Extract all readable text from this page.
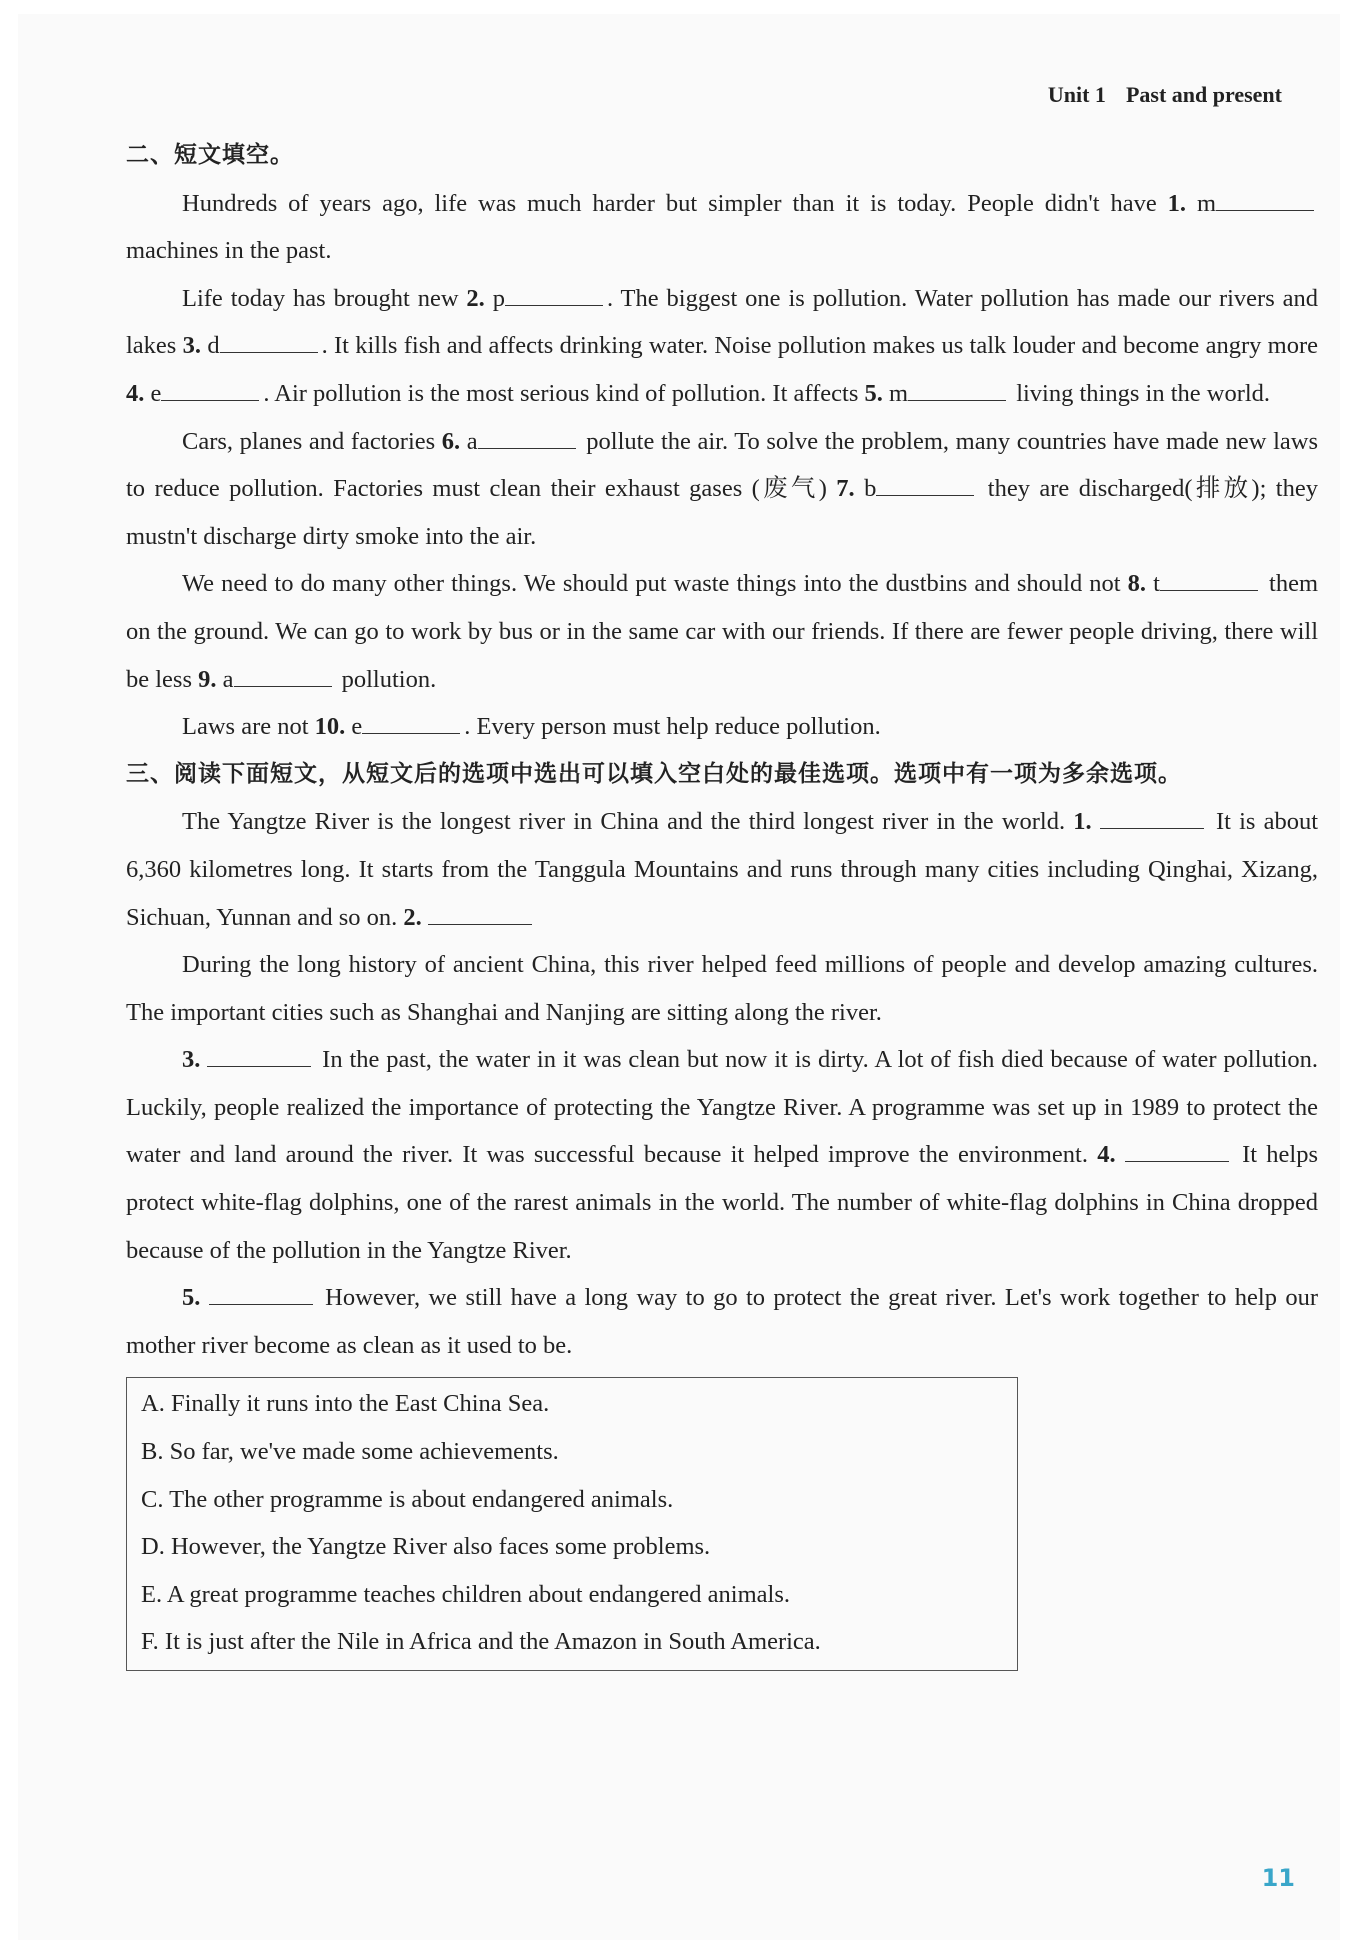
Unit 1 Past and present
二、短文填空。

Hundreds of years ago, life was much harder but simpler than it is today. People didn't have 1. m machines in the past.

Life today has brought new 2. p	. The biggest one is pollution. Water pollution has made our rivers and lakes 3. d	. It kills fish and affects drinking water. Noise pollution makes us talk louder and become angry more 4. e	. Air pollution is the most serious kind of pollution. It affects 5. m	living things in the world.

Cars, planes and factories 6. a	pollute the air. To solve the problem, many countries have made new laws to reduce pollution. Factories must clean their exhaust gases (废气) 7. b	they are discharged(排放); they mustn't discharge dirty smoke into the air.

We need to do many other things. We should put waste things into the dustbins and should not 8. t	them on the ground. We can go to work by bus or in the same car with our friends. If there are fewer people driving, there will be less 9. a	pollution.

Laws are not 10. e	. Every person must help reduce pollution.

三、阅读下面短文，从短文后的选项中选出可以填入空白处的最佳选项。选项中有一项为多余选项。

The Yangtze River is the longest river in China and the third longest river in the world. 1.	It is about 6,360 kilometres long. It starts from the Tanggula Mountains and runs through many cities including Qinghai, Xizang, Sichuan, Yunnan and so on. 2.

During the long history of ancient China, this river helped feed millions of people and develop amazing cultures. The important cities such as Shanghai and Nanjing are sitting along the river.

3.	In the past, the water in it was clean but now it is dirty. A lot of fish died because of water pollution. Luckily, people realized the importance of protecting the Yangtze River. A programme was set up in 1989 to protect the water and land around the river. It was successful because it helped improve the environment. 4.	It helps protect white-flag dolphins, one of the rarest animals in the world. The number of white-flag dolphins in China dropped because of the pollution in the Yangtze River.

5.	However, we still have a long way to go to protect the great river. Let's work together to help our mother river become as clean as it used to be.

A. Finally it runs into the East China Sea.
B. So far, we've made some achievements.
C. The other programme is about endangered animals.
D. However, the Yangtze River also faces some problems.
E. A great programme teaches children about endangered animals.
F. It is just after the Nile in Africa and the Amazon in South America.
11
